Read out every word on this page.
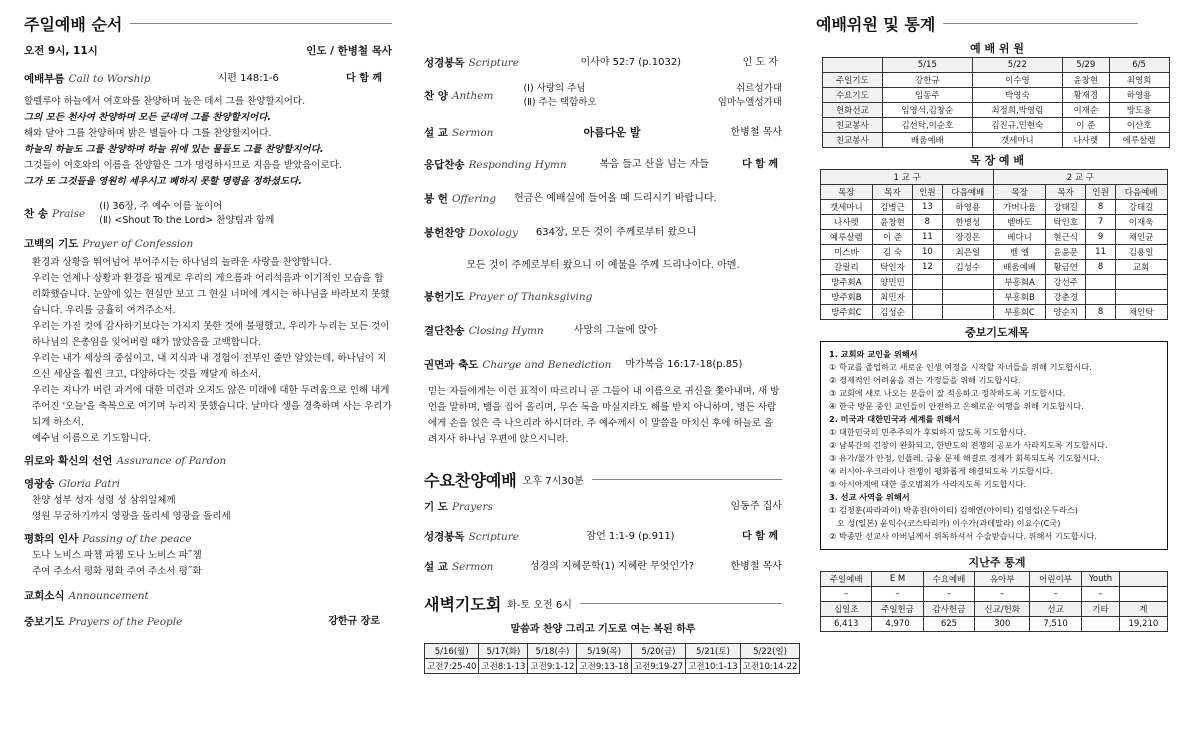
주일예배 순서
오전 9시, 11시	인도 / 한병철 목사
예배부름 Call to Worship	시편 148:1-6	다 함 께
할렐루야 하늘에서 여호와를 찬양하며 높은 데서 그를 찬양할지어다.
그의 모든 천사여 찬양하며 모든 군대여 그를 찬양할지어다.
해와 달아 그를 찬양하며 밝은 별들아 다 그를 찬양할지어다.
하늘의 하늘도 그를 찬양하며 하늘 위에 있는 물들도 그를 찬양할지어다.
그것들이 여호와의 이름을 찬양함은 그가 명령하시므로 지음을 받았음이로다.
그가 또 그것들을 영원히 세우시고 폐하지 못할 명령을 정하셨도다.
찬 송 Praise
(Ⅰ) 36장, 주 예수 이름 높이어
(Ⅱ) <Shout To the Lord> 찬양팀과 함께
고백의 기도 Prayer of Confession
환경과 상황을 뛰어넘어 부어주시는 하나님의 놀라운 사랑을 찬양합니다.
우리는 언제나 상황과 환경을 핑계로 우리의 게으름과 어리석음과 이기적인 모습을 합리화했습니다. 눈앞에 있는 현실만 보고 그 현실 너머에 계시는 하나님을 바라보지 못했습니다. 우리를 긍휼히 여겨주소서.
우리는 가진 것에 감사하기보다는 가지지 못한 것에 불평했고, 우리가 누리는 모든 것이 하나님의 은총임을 잊어버릴 때가 많았음을 고백합니다.
우리는 내가 세상의 중심이고, 내 지식과 내 경험이 전부인 줄만 알았는데, 하나님이 지으신 세상을 훨씬 크고, 다양하다는 것을 깨달게 하소서.
우리는 지나가 버린 과거에 대한 미련과 오지도 않은 미래에 대한 두려움으로 인해 내게 주어진 '오늘'을 축복으로 여기며 누리지 못했습니다. 날마다 생을 경축하며 사는 우리가 되게 하소서.
예수님 이름으로 기도합니다.
위로와 확신의 선언 Assurance of Pardon
영광송 Gloria Patri
찬양 성부 성자 성령 성 삼위일체께
영원 무궁하기까지 영광을 돌리세 영광을 돌리세
평화의 인사 Passing of the peace
도나 노비스 파쳄 파쳄 도나 노비스 파˜쳄
주여 주소서 평화 평화 주여 주소서 평˜화
교회소식 Announcement
중보기도 Prayers of the People	강한규 장로
성경봉독 Scripture	이사야 52:7 (p.1032)	인 도 자
찬 양 Anthem
(Ⅰ) 사랑의 주님	쉬르섬가대
(Ⅱ) 주는 택함하오	임마누엘성가대
설 교 Sermon	아름다운 발	한병철 목사
응답찬송 Responding Hymn	복음 들고 산을 넘는 자들	다 함 께
봉 헌 Offering 헌금은 예배실에 들어올 때 드리시기 바랍니다.
봉헌찬양 Doxology 634장, 모든 것이 주께로부터 왔으니
모든 것이 주께로부터 왔으니 이 예물을 주께 드리나이다. 아멘.
봉헌기도 Prayer of Thanksgiving
결단찬송 Closing Hymn	사망의 그늘에 앉아
권면과 축도 Charge and Benediction 마가복음 16:17-18(p.85)
믿는 자들에게는 이런 표적이 따르리니 곧 그들이 내 이름으로 귀신을 쫓아내며, 새 방언을 말하며, 뱀을 집어 올리며, 무슨 독을 마실지라도 해를 받지 아니하며, 병든 사람에게 손을 얹은 즉 나으리라 하시더라. 주 예수께서 이 말씀을 마치신 후에 하늘로 올려지사 하나님 우편에 앉으시니라.
수요찬양예배 오후 7시30분
기 도 Prayers	임동주 집사
성경봉독 Scripture	잠언 1:1-9 (p.911)	다 함 께
설 교 Sermon	성경의 지혜문학(1) 지혜란 무엇인가?	한병철 목사
새벽기도회 화-토 오전 6시
말씀과 찬양 그리고 기도로 여는 복된 하루
5/16(월)	5/17(화)	5/18(수)	5/19(목)	5/20(금)	5/21(토)	5/22(일)
고전7:25-40	고전8:1-13	고전9:1-12	고전9:13-18	고전9:19-27	고전10:1-13	고전10:14-22
예배위원 및 통계
예 배 위 원
	5/15	5/22	5/29	6/5
주일기도	강한규	이수영	윤창현	최영희
수요기도	임동주	박영숙	황재경	하영용
헌화선교	임영석,김창순	최정희,박영림	이재순	방도용
친교봉사	김선탁,이순호	김진규,민현숙	이 준	이산호
친교봉사	배움예배	갯세마니	나사렛	에루살렘
목 장 예 배
1 교 구				2 교 구			
목장	목자	인원	다음예배	목장	목자	인원	다음예배
갯세마니	김병근	13	하영용	가버나움	강태길	8	강태길
나사렛	윤창현	8	한병성	벧바도	탁인호	7	이재욱
예루살렘	이 준	11	장경돈	베다니	현근식	9	채인균
미스바	김 숙	10	최은일	벧 엘	윤윤문	11	김용일
갈릴리	탁인자	12	김성수	배움예배	황금연	8	교회
방주회A	양민민			부흥회A	강선주		
방주회B	최민자			부흥회B	강춘경		
방주회C	김성순			부흥회C	양순지	8	채인탁
중보기도제목
1. 교회와 교인을 위해서
① 학교를 졸업하고 새로운 인생 여정을 시작할 자녀들을 위해 기도합시다.
② 경제적인 어려움을 겪는 가정들을 위해 기도합시다.
③ 교회에 새로 나오는 분들이 잘 적응하고 정착하도록 기도합시다.
④ 한국 방문 중인 교인들이 안전하고 은혜로운 여행을 위해 기도합시다.
2. 미국과 대한민국과 세계를 위해서
① 대한민국의 민주주의가 후퇴하지 않도록 기도합시다.
② 남북간의 긴장이 완화되고, 한반도의 전쟁의 공포가 사라지도록 기도합시다.
③ 유가/물가 안정, 인플레, 금융 문제 해결로 경제가 회복되도록 기도합시다.
④ 러시아-우크라이나 전쟁이 평화롭게 해결되도록 기도합시다.
⑤ 아시아계에 대한 증오범죄가 사라지도록 기도합시다.
3. 선교 사역을 위해서
① 김정훈(파라과이) 박종진(아이티) 김해연(아이티) 김영섭(온두라스)
오 성(일본) 윤익수(코스타리카) 이수가(과테말라) 이요수(C국)
② 박종만 선교사 아버님께서 위독하셔서 수술받습니다. 위해서 기도합시다.
지난주 통계
주일예배	E M	수요예배	유아부	어린이부	Youth	
–	–	–	–	–	–	
십일조	주일헌금	감사헌금	신교/헌화	선교	기타	계
6,413	4,970	625	300	7,510		19,210
